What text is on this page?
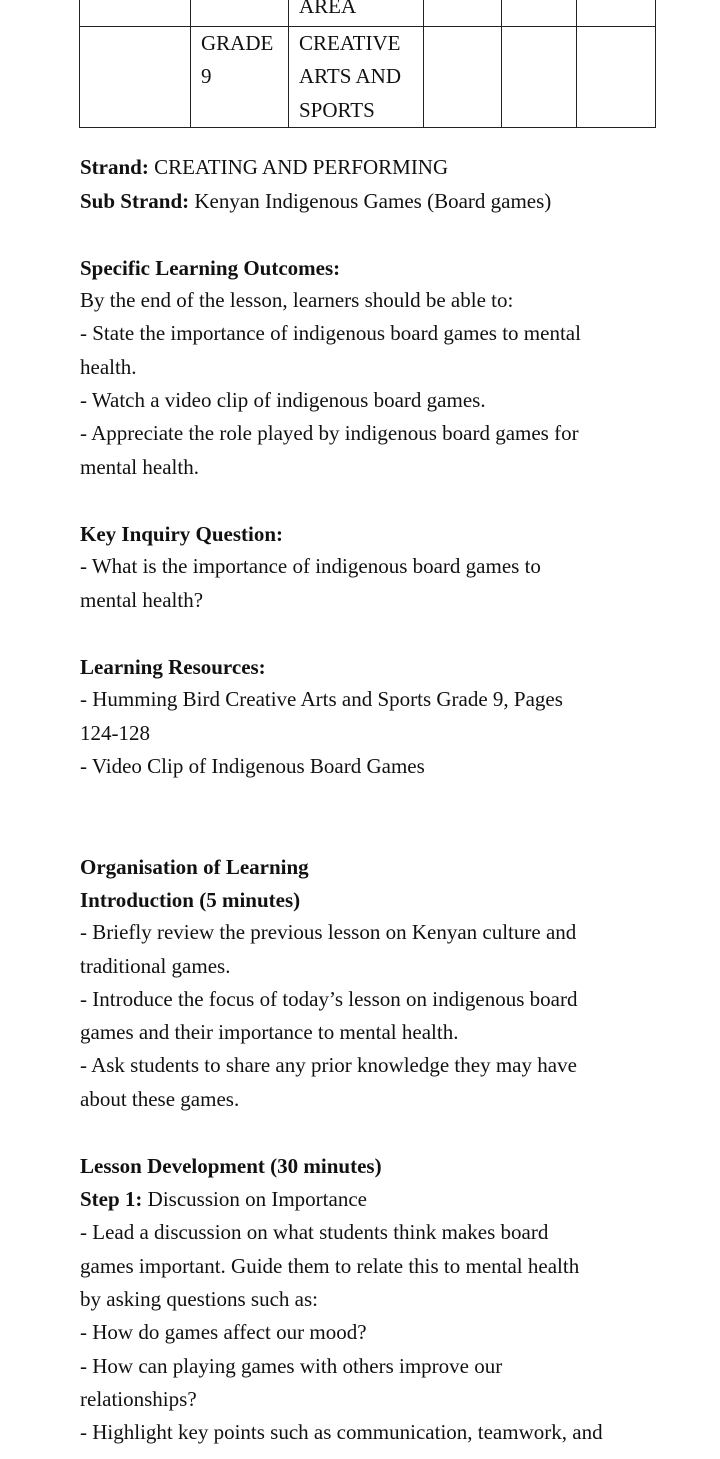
		AREA			
	GRADE 9	CREATIVE ARTS AND SPORTS			
Strand: CREATING AND PERFORMING
Sub Strand: Kenyan Indigenous Games (Board games)
Specific Learning Outcomes:
By the end of the lesson, learners should be able to:
- State the importance of indigenous board games to mental
health.
- Watch a video clip of indigenous board games.
- Appreciate the role played by indigenous board games for
mental health.
Key Inquiry Question:
- What is the importance of indigenous board games to
mental health?
Learning Resources:
- Humming Bird Creative Arts and Sports Grade 9, Pages
124-128
- Video Clip of Indigenous Board Games
Organisation of Learning
Introduction (5 minutes)
- Briefly review the previous lesson on Kenyan culture and
traditional games.
- Introduce the focus of today’s lesson on indigenous board
games and their importance to mental health.
- Ask students to share any prior knowledge they may have
about these games.
Lesson Development (30 minutes)
Step 1: Discussion on Importance
- Lead a discussion on what students think makes board
games important. Guide them to relate this to mental health
by asking questions such as:
- How do games affect our mood?
- How can playing games with others improve our
relationships?
- Highlight key points such as communication, teamwork, and
